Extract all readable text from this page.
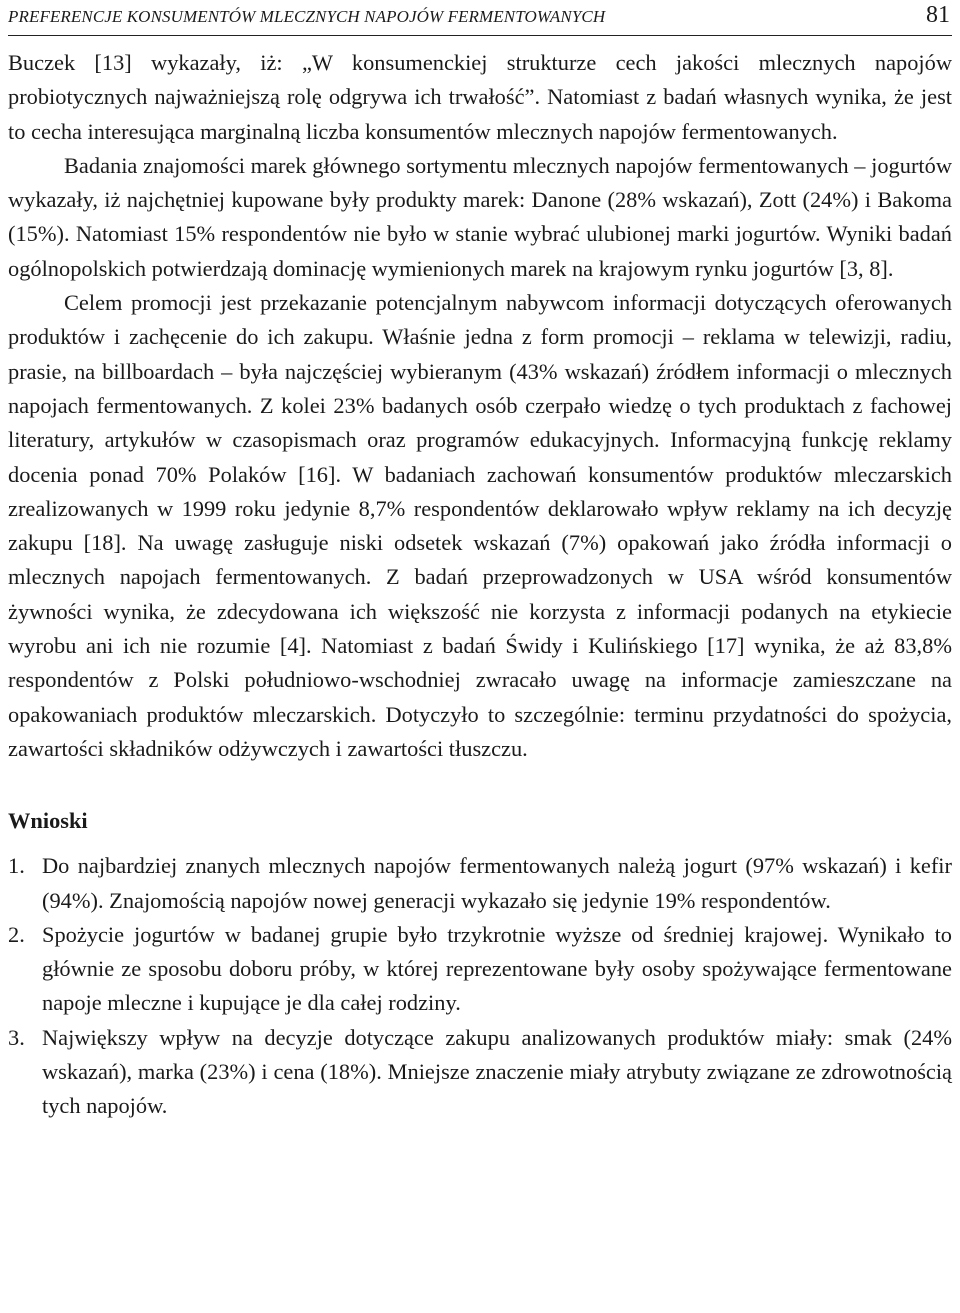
PREFERENCJE KONSUMENTÓW MLECZNYCH NAPOJÓW FERMENTOWANYCH	81

Buczek [13] wykazały, iż: „W konsumenckiej strukturze cech jakości mlecznych napojów probiotycznych najważniejszą rolę odgrywa ich trwałość”. Natomiast z badań własnych wynika, że jest to cecha interesująca marginalną liczba konsumentów mlecznych napojów fermentowanych.

Badania znajomości marek głównego sortymentu mlecznych napojów fermentowanych – jogurtów wykazały, iż najchętniej kupowane były produkty marek: Danone (28% wskazań), Zott (24%) i Bakoma (15%). Natomiast 15% respondentów nie było w stanie wybrać ulubionej marki jogurtów. Wyniki badań ogólnopolskich potwierdzają dominację wymienionych marek na krajowym rynku jogurtów [3, 8].

Celem promocji jest przekazanie potencjalnym nabywcom informacji dotyczących oferowanych produktów i zachęcenie do ich zakupu. Właśnie jedna z form promocji – reklama w telewizji, radiu, prasie, na billboardach – była najczęściej wybieranym (43% wskazań) źródłem informacji o mlecznych napojach fermentowanych. Z kolei 23% badanych osób czerpało wiedzę o tych produktach z fachowej literatury, artykułów w czasopismach oraz programów edukacyjnych. Informacyjną funkcję reklamy docenia ponad 70% Polaków [16]. W badaniach zachowań konsumentów produktów mleczarskich zrealizowanych w 1999 roku jedynie 8,7% respondentów deklarowało wpływ reklamy na ich decyzję zakupu [18]. Na uwagę zasługuje niski odsetek wskazań (7%) opakowań jako źródła informacji o mlecznych napojach fermentowanych. Z badań przeprowadzonych w USA wśród konsumentów żywności wynika, że zdecydowana ich większość nie korzysta z informacji podanych na etykiecie wyrobu ani ich nie rozumie [4]. Natomiast z badań Świdy i Kulińskiego [17] wynika, że aż 83,8% respondentów z Polski południowo-wschodniej zwracało uwagę na informacje zamieszczane na opakowaniach produktów mleczarskich. Dotyczyło to szczególnie: terminu przydatności do spożycia, zawartości składników odżywczych i zawartości tłuszczu.

Wnioski
1. Do najbardziej znanych mlecznych napojów fermentowanych należą jogurt (97% wskazań) i kefir (94%). Znajomością napojów nowej generacji wykazało się jedynie 19% respondentów.
2. Spożycie jogurtów w badanej grupie było trzykrotnie wyższe od średniej krajowej. Wynikało to głównie ze sposobu doboru próby, w której reprezentowane były osoby spożywające fermentowane napoje mleczne i kupujące je dla całej rodziny.
3. Największy wpływ na decyzje dotyczące zakupu analizowanych produktów miały: smak (24% wskazań), marka (23%) i cena (18%). Mniejsze znaczenie miały atrybuty związane ze zdrowotnością tych napojów.
